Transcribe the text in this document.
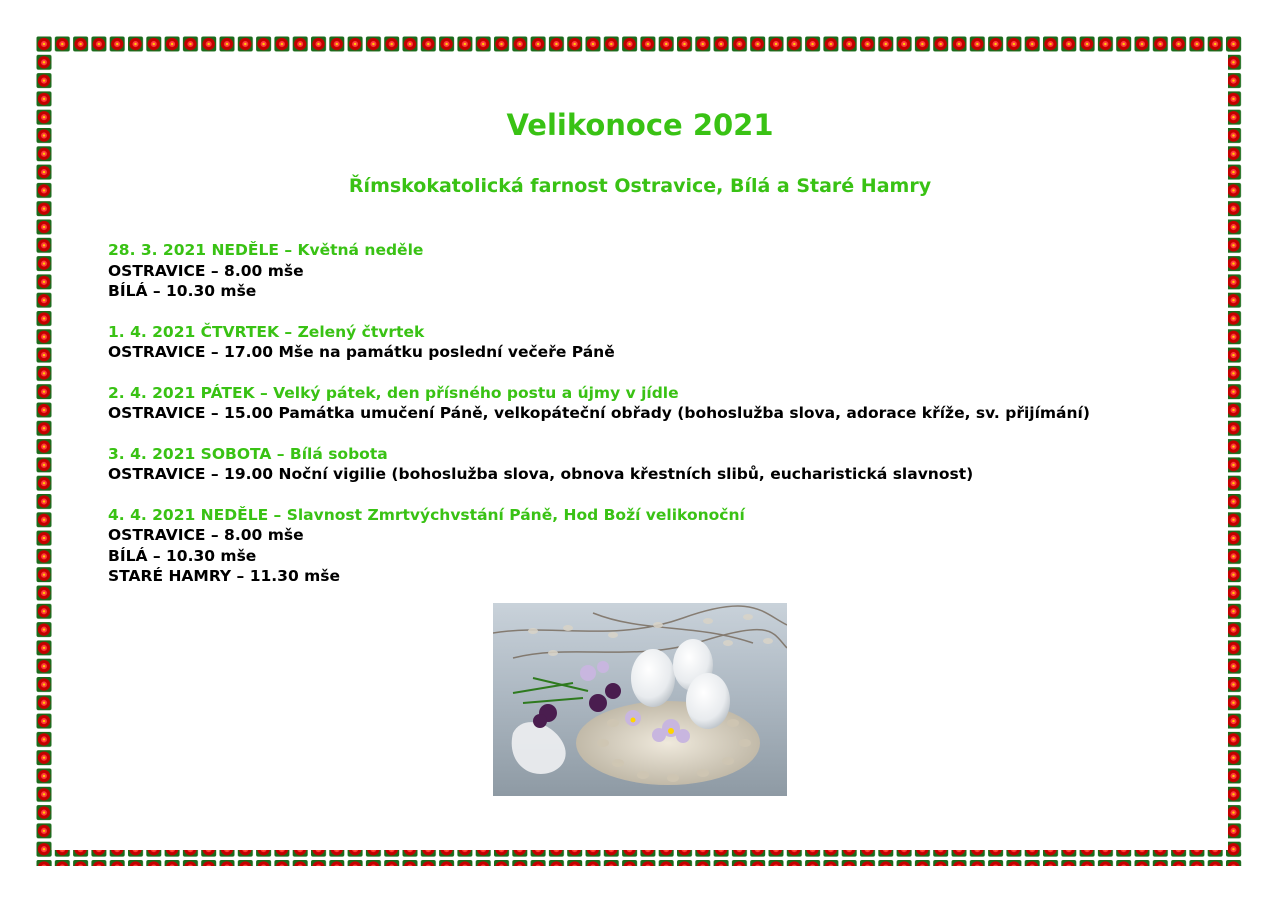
Velikonoce 2021
Římskokatolická farnost Ostravice, Bílá a Staré Hamry
28. 3. 2021 NEDĚLE – Květná neděle
OSTRAVICE – 8.00 mše
BÍLÁ – 10.30 mše
1. 4. 2021 ČTVRTEK – Zelený čtvrtek
OSTRAVICE – 17.00 Mše na památku poslední večeře Páně
2. 4. 2021 PÁTEK – Velký pátek, den přísného postu a újmy v jídle
OSTRAVICE – 15.00 Památka umučení Páně, velkopáteční obřady (bohoslužba slova, adorace kříže, sv. přijímání)
3. 4. 2021 SOBOTA – Bílá sobota
OSTRAVICE – 19.00 Noční vigilie (bohoslužba slova, obnova křestních slibů, eucharistická slavnost)
4. 4. 2021 NEDĚLE – Slavnost Zmrtvýchvstání Páně, Hod Boží velikonoční
OSTRAVICE – 8.00 mše
BÍLÁ – 10.30 mše
STARÉ HAMRY – 11.30 mše
